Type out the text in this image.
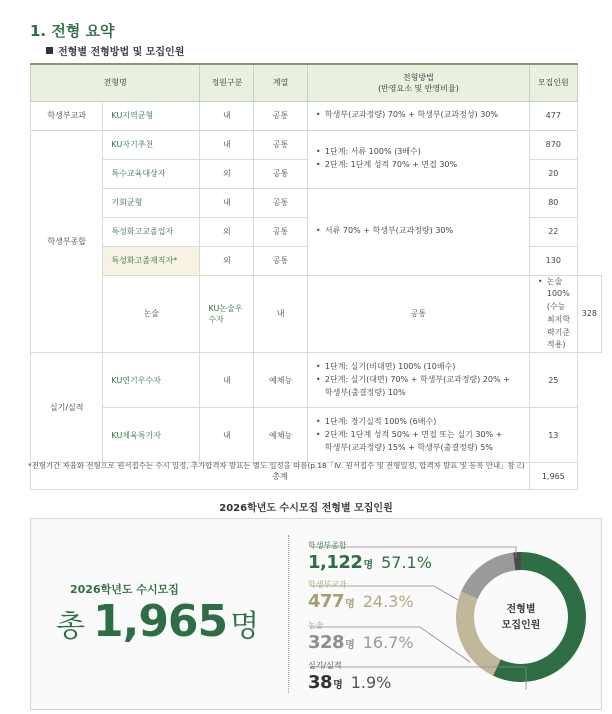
1. 전형 요약
전형별 전형방법 및 모집인원
전형명		정원구분	계열	전형방법
(반영요소 및 반영비율)	모집인원	
학생부교과	KU지역균형	내	공통	• 학생부(교과정량) 70% + 학생부(교과정성) 30%	477	
학생부종합	KU자기추천	내	공통	• 1단계: 서류 100% (3배수)
• 2단계: 1단계 성적 70% + 면접 30%	870	
	특수교육대상자	외	공통		20	
	기회균형	내	공통	• 서류 70% + 학생부(교과정량) 30%	80	
	특성화고교졸업자	외	공통		22	
	특성화고졸재직자*	외	공통		130	
	논술	KU논술우수자	내	공통	• 논술 100% (수능최저학력기준 적용)	328
실기/실적	KU연기우수자	내	예체능	• 1단계: 실기(비대면) 100% (10배수)
• 2단계: 실기(대면) 70% + 학생부(교과정량) 20% +
학생부(출결정량) 10%	25	
	KU체육특기자	내	예체능	• 1단계: 경기실적 100% (6배수)
• 2단계: 1단계 성적 50% + 면접 또는 실기 30% +
학생부(교과정량) 15% + 학생부(출결정량) 5%	13	
총계					1,965	
*전형기간 자율화 전형으로 원서접수는 수시 일정, 추가합격자 발표는 별도 일정을 따름(p.18「Ⅳ. 원서접수 및 전형일정, 합격자 발표 및 등록 안내」참고)
2026학년도 수시모집 전형별 모집인원
2026학년도 수시모집
총 1,965 명	전형별
모집인원
학생부종합
1,122 명 57.1%
학생부교과
477 명 24.3%
논술
328 명 16.7%
실기/실적
38 명 1.9%
